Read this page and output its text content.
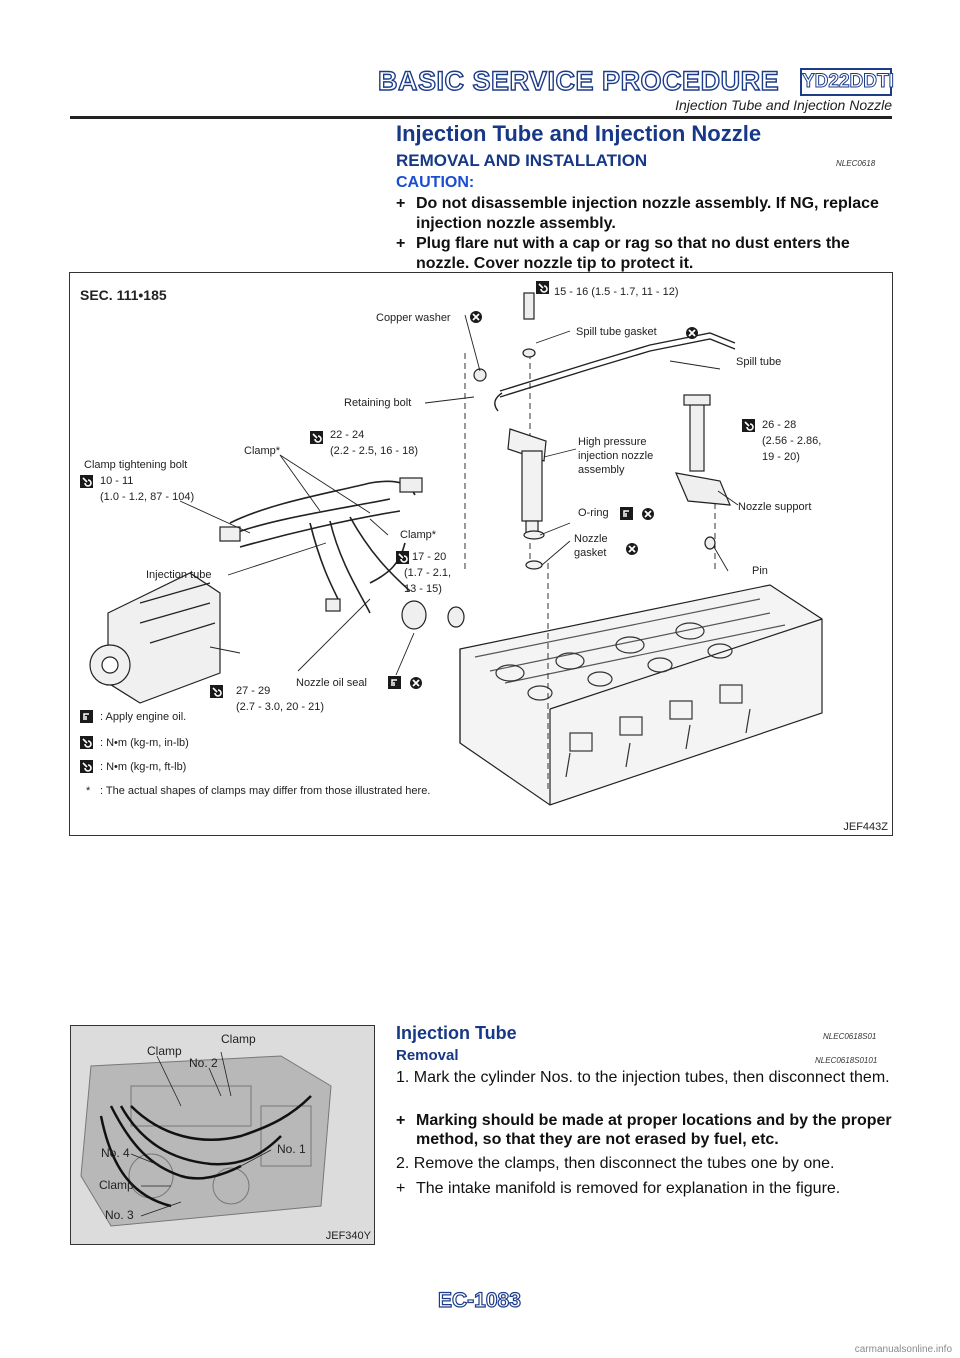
BASIC SERVICE PROCEDURE YD22DDTI
Injection Tube and Injection Nozzle
Injection Tube and Injection Nozzle
REMOVAL AND INSTALLATION	NLEC0618
CAUTION:
+ Do not disassemble injection nozzle assembly. If NG, replace injection nozzle assembly.
+ Plug flare nut with a cap or rag so that no dust enters the nozzle. Cover nozzle tip to protect it.
SEC. 111•185	15 - 16 (1.5 - 1.7, 11 - 12)
Copper washer
Spill tube gasket
Spill tube
Retaining bolt
22 - 24
(2.2 - 2.5, 16 - 18)
Clamp*
Clamp tightening bolt
10 - 11
(1.0 - 1.2, 87 - 104)
High pressure
injection nozzle
assembly
26 - 28
(2.56 - 2.86,
19 - 20)
O-ring	Nozzle support
Clamp*	Nozzle
gasket
17 - 20
(1.7 - 2.1,
13 - 15)
Pin
Injection tube
27 - 29
(2.7 - 3.0, 20 - 21)
Nozzle oil seal
: Apply engine oil.
: N•m (kg-m, in-lb)
: N•m (kg-m, ft-lb)
* : The actual shapes of clamps may differ from those illustrated here.
JEF443Z
Clamp
Clamp
No. 2
No. 4	No. 1
Clamp
No. 3
JEF340Y
Injection Tube	NLEC0618S01
Removal	NLEC0618S0101
1. Mark the cylinder Nos. to the injection tubes, then disconnect them.
+ Marking should be made at proper locations and by the proper method, so that they are not erased by fuel, etc.
2. Remove the clamps, then disconnect the tubes one by one.
+ The intake manifold is removed for explanation in the figure.
EC-1083
carmanualsonline.info
